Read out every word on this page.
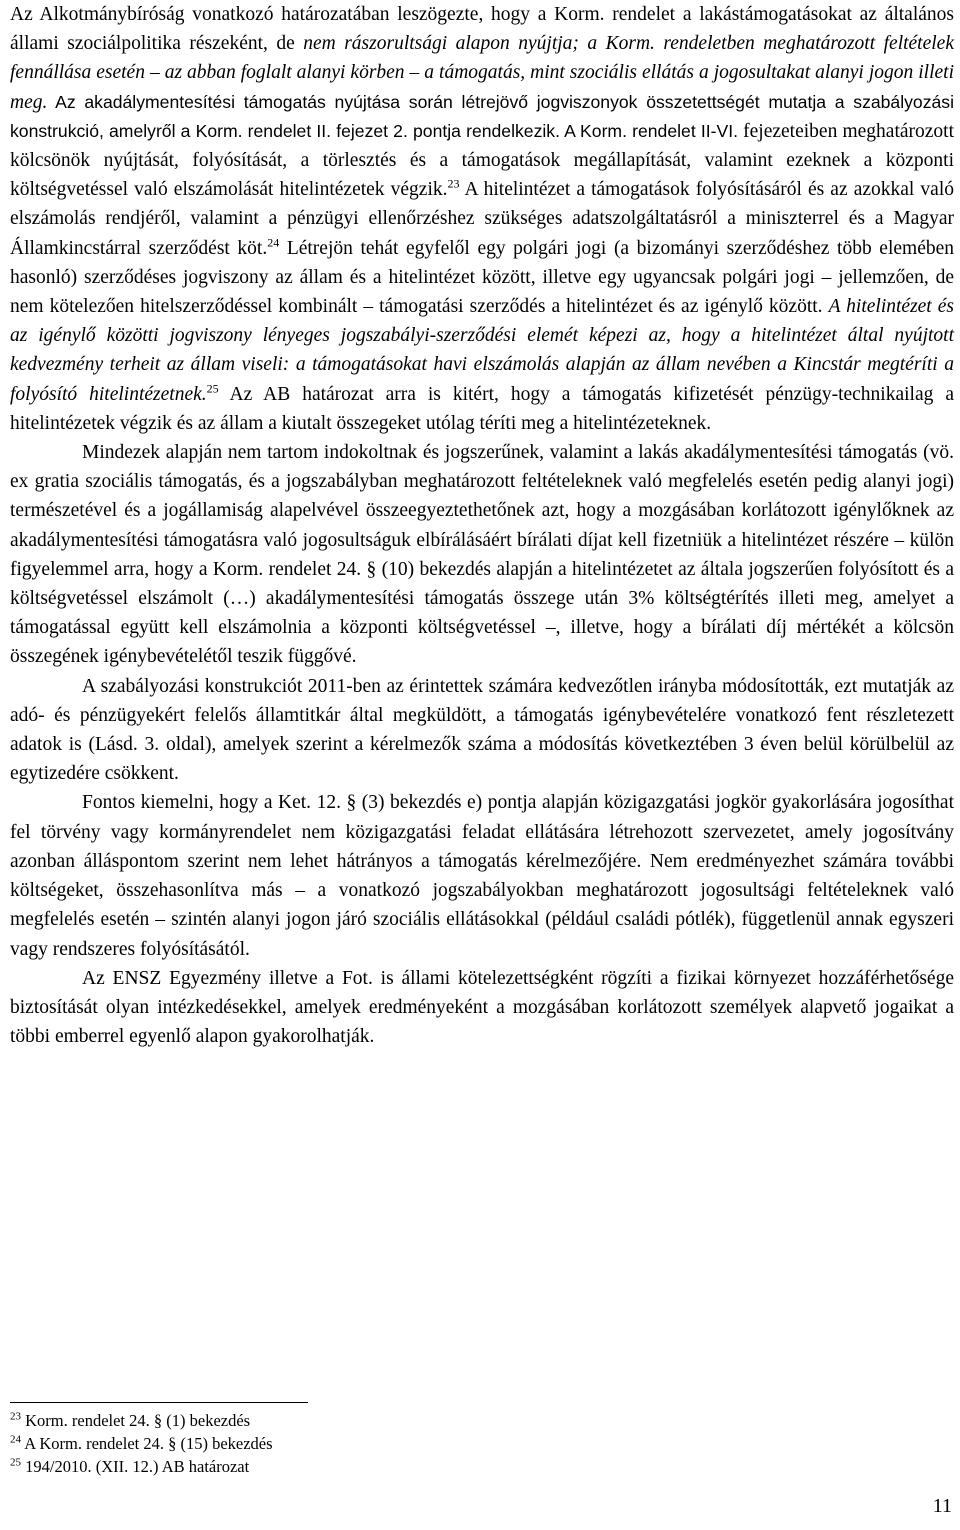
Az Alkotmánybíróság vonatkozó határozatában leszögezte, hogy a Korm. rendelet a lakástámogatásokat az általános állami szociálpolitika részeként, de nem rászorultsági alapon nyújtja; a Korm. rendeletben meghatározott feltételek fennállása esetén – az abban foglalt alanyi körben – a támogatás, mint szociális ellátás a jogosultakat alanyi jogon illeti meg. Az akadálymentesítési támogatás nyújtása során létrejövő jogviszonyok összetettségét mutatja a szabályozási konstrukció, amelyről a Korm. rendelet II. fejezet 2. pontja rendelkezik. A Korm. rendelet II-VI. fejezeteiben meghatározott kölcsönök nyújtását, folyósítását, a törlesztés és a támogatások megállapítását, valamint ezeknek a központi költségvetéssel való elszámolását hitelintézetek végzik.$^{23}$ A hitelintézet a támogatások folyósításáról és az azokkal való elszámolás rendjéről, valamint a pénzügyi ellenőrzéshez szükséges adatszolgáltatásról a miniszterrel és a Magyar Államkincstárral szerződést köt.$^{24}$ Létrejön tehát egyfelől egy polgári jogi (a bizományi szerződéshez több elemében hasonló) szerződéses jogviszony az állam és a hitelintézet között, illetve egy ugyancsak polgári jogi – jellemzően, de nem kötelezően hitelszerződéssel kombinált – támogatási szerződés a hitelintézet és az igénylő között. A hitelintézet és az igénylő közötti jogviszony lényeges jogszabályi-szerződési elemét képezi az, hogy a hitelintézet által nyújtott kedvezmény terheit az állam viseli: a támogatásokat havi elszámolás alapján az állam nevében a Kincstár megtéríti a folyósító hitelintézetnek.$^{25}$ Az AB határozat arra is kitért, hogy a támogatás kifizetését pénzügy-technikailag a hitelintézetek végzik és az állam a kiutalt összegeket utólag téríti meg a hitelintézeteknek.

Mindezek alapján nem tartom indokoltnak és jogszerűnek, valamint a lakás akadálymentesítési támogatás (vö. ex gratia szociális támogatás, és a jogszabályban meghatározott feltételeknek való megfelelés esetén pedig alanyi jogi) természetével és a jogállamiság alapelvével összeegyeztethetőnek azt, hogy a mozgásában korlátozott igénylőknek az akadálymentesítési támogatásra való jogosultságuk elbírálásáért bírálati díjat kell fizetniük a hitelintézet részére – külön figyelemmel arra, hogy a Korm. rendelet 24. § (10) bekezdés alapján a hitelintézetet az általa jogszerűen folyósított és a költségvetéssel elszámolt (…) akadálymentesítési támogatás összege után 3% költségtérítés illeti meg, amelyet a támogatással együtt kell elszámolnia a központi költségvetéssel –, illetve, hogy a bírálati díj mértékét a kölcsön összegének igénybevételétől teszik függővé.

A szabályozási konstrukciót 2011-ben az érintettek számára kedvezőtlen irányba módosították, ezt mutatják az adó- és pénzügyekért felelős államtitkár által megküldött, a támogatás igénybevételére vonatkozó fent részletezett adatok is (Lásd. 3. oldal), amelyek szerint a kérelmezők száma a módosítás következtében 3 éven belül körülbelül az egytizedére csökkent.

Fontos kiemelni, hogy a Ket. 12. § (3) bekezdés e) pontja alapján közigazgatási jogkör gyakorlására jogosíthat fel törvény vagy kormányrendelet nem közigazgatási feladat ellátására létrehozott szervezetet, amely jogosítvány azonban álláspontom szerint nem lehet hátrányos a támogatás kérelmezőjére. Nem eredményezhet számára további költségeket, összehasonlítva más – a vonatkozó jogszabályokban meghatározott jogosultsági feltételeknek való megfelelés esetén – szintén alanyi jogon járó szociális ellátásokkal (például családi pótlék), függetlenül annak egyszeri vagy rendszeres folyósításától.

Az ENSZ Egyezmény illetve a Fot. is állami kötelezettségként rögzíti a fizikai környezet hozzáférhetősége biztosítását olyan intézkedésekkel, amelyek eredményeként a mozgásában korlátozott személyek alapvető jogaikat a többi emberrel egyenlő alapon gyakorolhatják.

$^{23}$ Korm. rendelet 24. § (1) bekezdés

$^{24}$ A Korm. rendelet 24. § (15) bekezdés

$^{25}$ 194/2010. (XII. 12.) AB határozat

11
